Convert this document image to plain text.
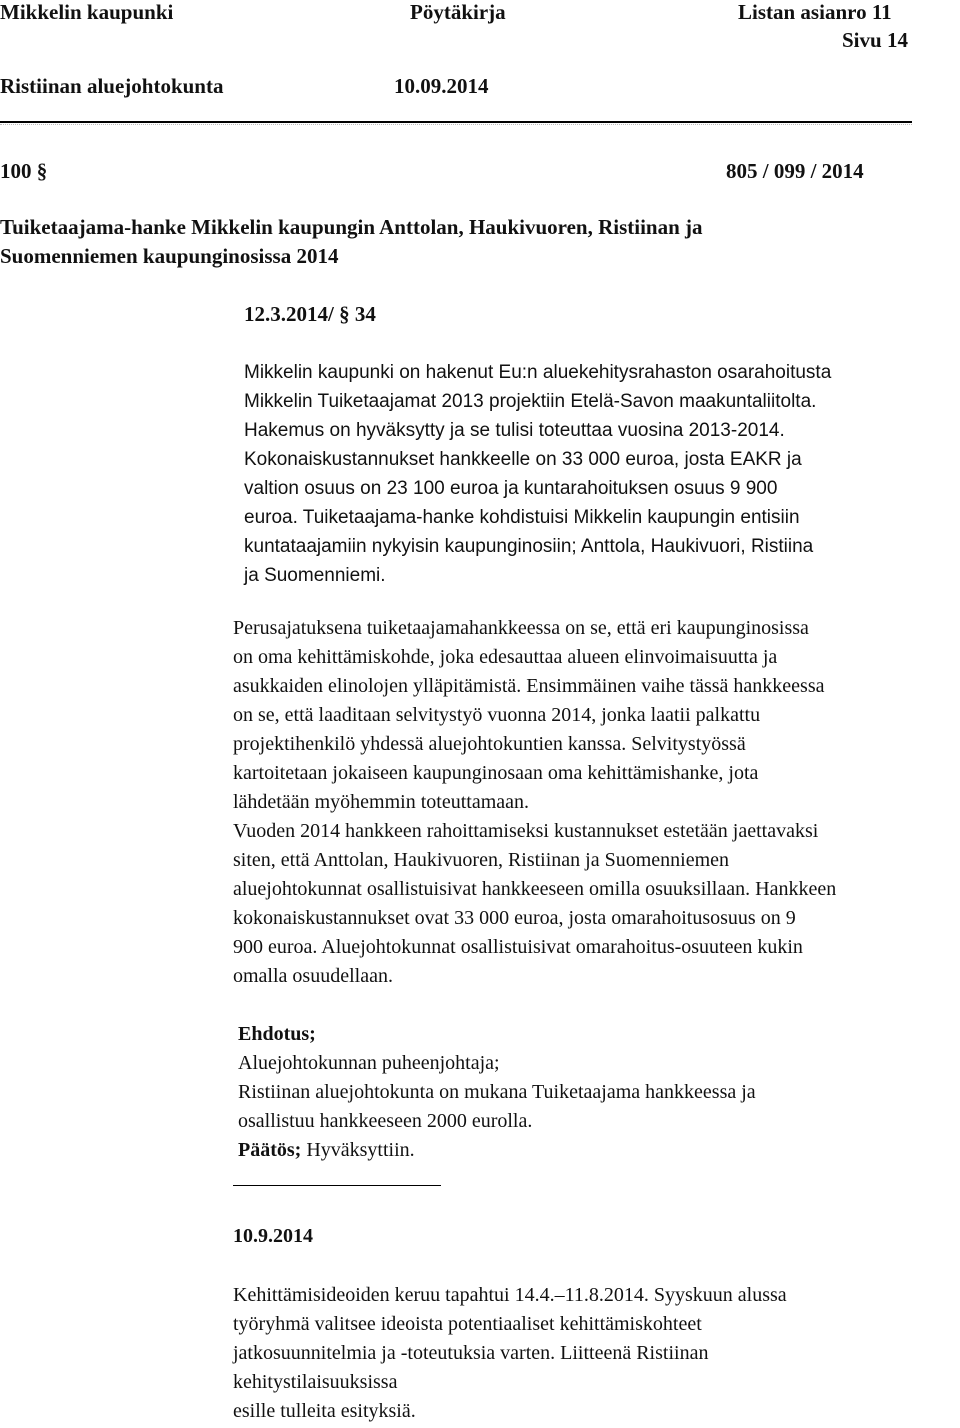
Mikkelin kaupunki	Pöytäkirja	Listan asianro 11
Sivu 14
Ristiinan aluejohtokunta	10.09.2014
100 §	805 / 099 / 2014
Tuiketaajama-hanke Mikkelin kaupungin Anttolan, Haukivuoren, Ristiinan ja
Suomenniemen kaupunginosissa 2014
12.3.2014/ § 34
Mikkelin kaupunki on hakenut Eu:n aluekehitysrahaston osarahoitusta
Mikkelin Tuiketaajamat 2013 projektiin Etelä-Savon maakuntaliitolta.
Hakemus on hyväksytty ja se tulisi toteuttaa vuosina 2013-2014.
Kokonaiskustannukset hankkeelle on 33 000 euroa, josta EAKR ja
valtion osuus on 23 100 euroa ja kuntarahoituksen osuus 9 900
euroa. Tuiketaajama-hanke kohdistuisi Mikkelin kaupungin entisiin
kuntataajamiin nykyisin kaupunginosiin; Anttola, Haukivuori, Ristiina
ja Suomenniemi.
Perusajatuksena tuiketaajamahankkeessa on se, että eri kaupunginosissa
on oma kehittämiskohde, joka edesauttaa alueen elinvoimaisuutta ja
asukkaiden elinolojen ylläpitämistä. Ensimmäinen vaihe tässä hankkeessa
on se, että laaditaan selvitystyö vuonna 2014, jonka laatii palkattu
projektihenkilö yhdessä aluejohtokuntien kanssa. Selvitystyössä
kartoitetaan jokaiseen kaupunginosaan oma kehittämishanke, jota
lähdetään myöhemmin toteuttamaan.
Vuoden 2014 hankkeen rahoittamiseksi kustannukset estetään jaettavaksi
siten, että Anttolan, Haukivuoren, Ristiinan ja Suomenniemen
aluejohtokunnat osallistuisivat hankkeeseen omilla osuuksillaan. Hankkeen
kokonaiskustannukset ovat 33 000 euroa, josta omarahoitusosuus on 9
900 euroa. Aluejohtokunnat osallistuisivat omarahoitus-osuuteen kukin
omalla osuudellaan.
Ehdotus;
Aluejohtokunnan puheenjohtaja;
Ristiinan aluejohtokunta on mukana Tuiketaajama hankkeessa ja
osallistuu hankkeeseen 2000 eurolla.
Päätös; Hyväksyttiin.
10.9.2014
Kehittämisideoiden keruu tapahtui 14.4.–11.8.2014. Syyskuun alussa
työryhmä valitsee ideoista potentiaaliset kehittämiskohteet
jatkosuunnitelmia ja -toteutuksia varten. Liitteenä Ristiinan
kehitystilaisuuksissa
esille tulleita esityksiä.
